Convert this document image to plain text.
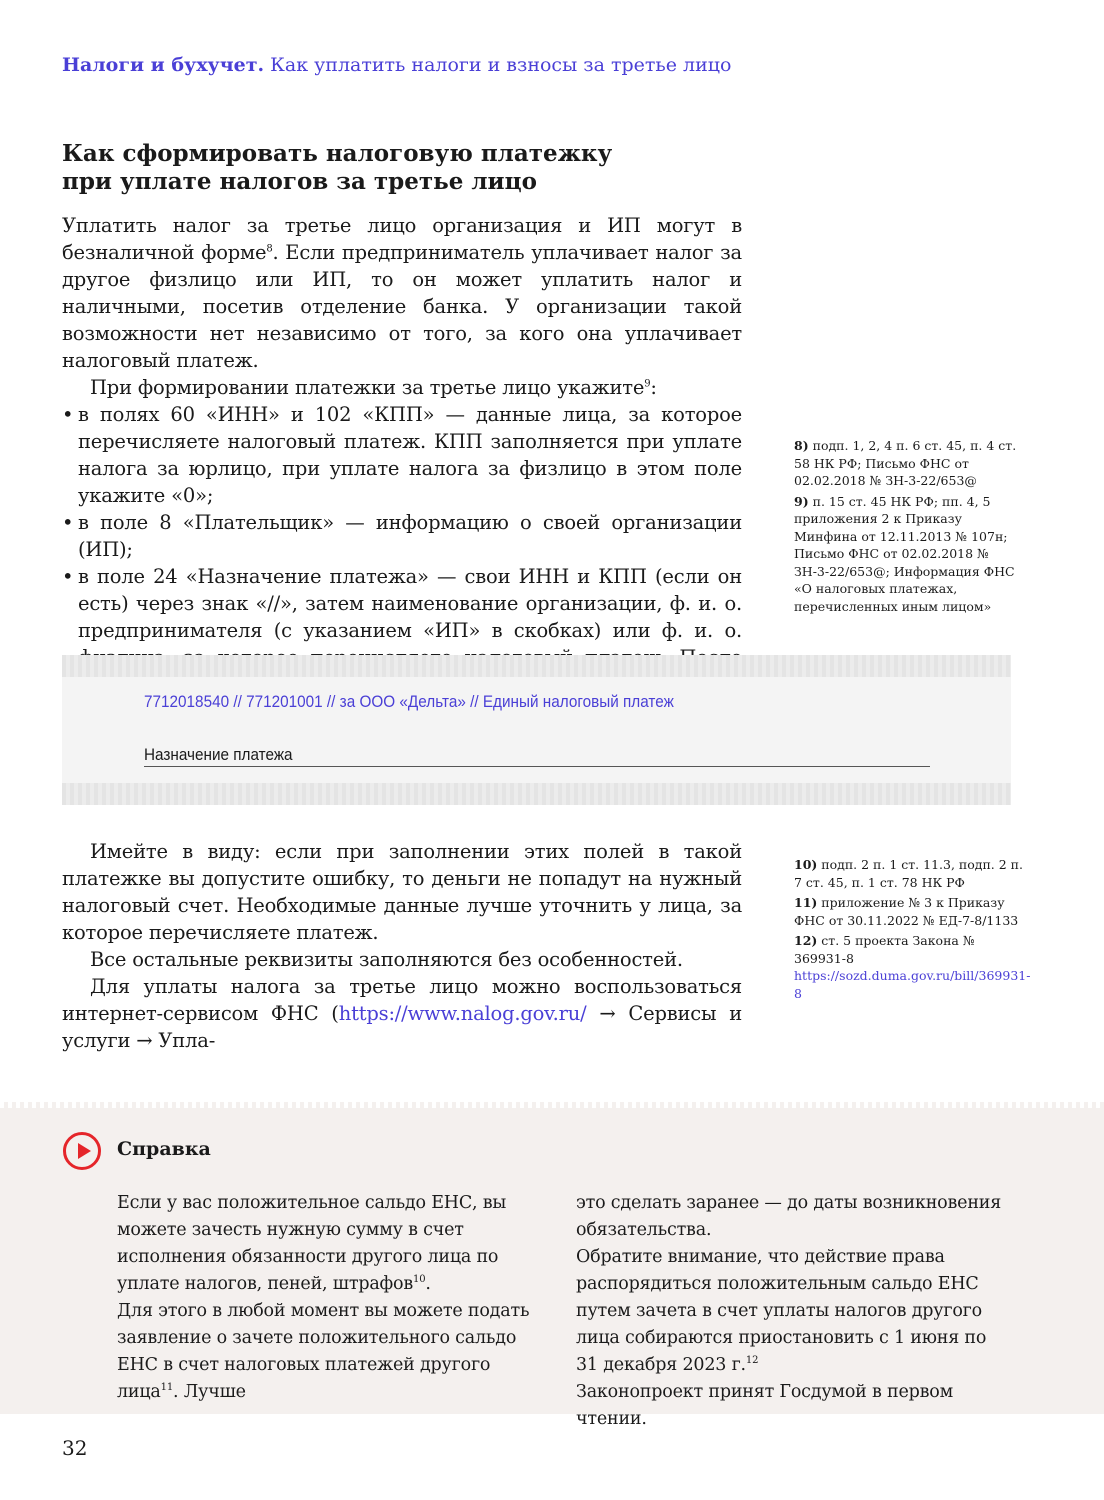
Налоги и бухучет. Как уплатить налоги и взносы за третье лицо
Как сформировать налоговую платежку
при уплате налогов за третье лицо

Уплатить налог за третье лицо организация и ИП могут в безналичной форме$^8$. Если предприниматель уплачивает налог за другое физлицо или ИП, то он может уплатить налог и наличными, посетив отделение банка. У организации такой возможности нет независимо от того, за кого она уплачивает налоговый платеж.

При формировании платежки за третье лицо укажите$^9$:

• в полях 60 «ИНН» и 102 «КПП» — данные лица, за которое перечисляете налоговый платеж. КПП заполняется при уплате налога за юрлицо, при уплате налога за физлицо в этом поле укажите «0»;
• в поле 8 «Плательщик» — информацию о своей организации (ИП);
• в поле 24 «Назначение платежа» — свои ИНН и КПП (если он есть) через знак «//», затем наименование организации, ф. и. о. предпринимателя (с указанием «ИП» в скобках) или ф. и. о.
8) подп. 1, 2, 4 п. 6 ст. 45, п. 4 ст. 58 НК РФ; Письмо ФНС от 02.02.2018 № ЗН-3-22/653@
9) п. 15 ст. 45 НК РФ; пп. 4, 5 приложения 2 к Приказу Минфина от 12.11.2013 № 107н; Письмо ФНС от 02.02.2018 № ЗН-3-22/653@; Информация ФНС «О налоговых платежах, перечисленных иным лицом»
7712018540 // 771201001 // за ООО «Дельта» // Единый налоговый платеж
Назначение платежа

Имейте в виду: если при заполнении этих полей в такой платежке вы допустите ошибку, то деньги не попадут на нужный налоговый счет. Необходимые данные лучше уточнить у лица, за которое перечисляете платеж.

Все остальные реквизиты заполняются без особенностей.

Для уплаты налога за третье лицо можно воспользоваться интернет-сервисом ФНС (https://www.nalog.gov.ru/ → Сервисы и услуги → Упла-

10) подп. 2 п. 1 ст. 11.3, подп. 2 п. 7 ст. 45, п. 1 ст. 78 НК РФ
11) приложение № 3 к Приказу ФНС от 30.11.2022 № ЕД-7-8/1133
12) ст. 5 проекта Закона № 369931-8
https://sozd.duma.gov.ru/bill/369931-8
Справка

Если у вас положительное сальдо ЕНС, вы можете зачесть нужную сумму в счет исполнения обязанности другого лица по уплате налогов, пеней, штрафов$^{10}$.

Для этого в любой момент вы можете подать заявление о зачете положительного сальдо ЕНС в счет налоговых платежей другого лица$^{11}$. Лучше

это сделать заранее — до даты возникновения обязательства.

Обратите внимание, что действие права распорядиться положительным сальдо ЕНС путем зачета в счет уплаты налогов другого лица собираются приостановить с 1 июня по 31 декабря 2023 г.$^{12}$

Законопроект принят Госдумой в первом чтении.

32
